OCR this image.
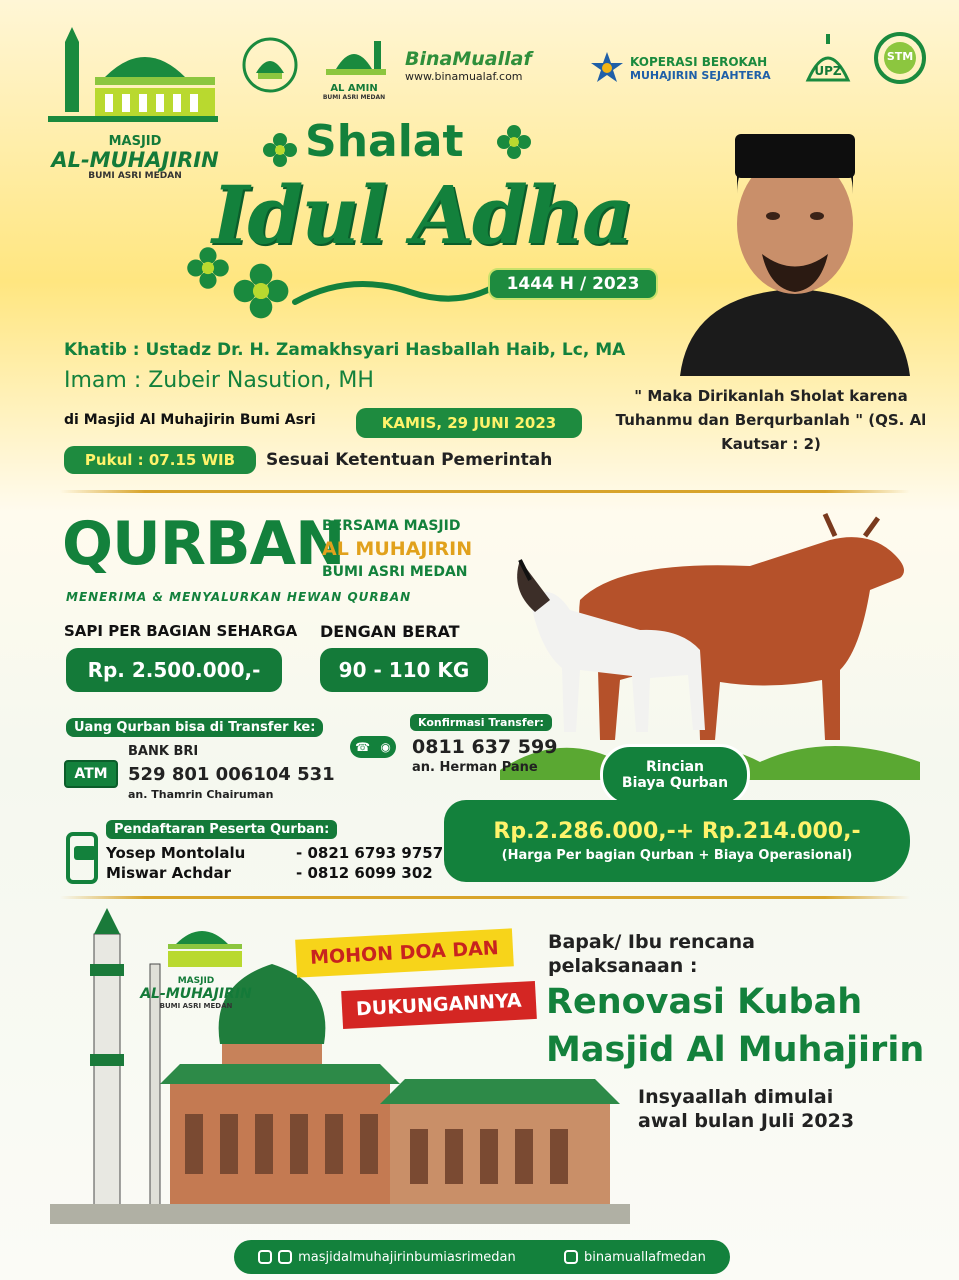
MASJID
AL-MUHAJIRIN
BUMI ASRI MEDAN
AL AMIN
BUMI ASRI MEDAN
BinaMuallaf
www.binamualaf.com
KOPERASI BEROKAH
MUHAJIRIN SEJAHTERA	UPZ
STM
Shalat
Idul Adha
1444 H / 2023
Khatib : Ustadz Dr. H. Zamakhsyari Hasballah Haib, Lc, MA
Imam : Zubeir Nasution, MH
di Masjid Al Muhajirin Bumi Asri	KAMIS, 29 JUNI 2023
Pukul : 07.15 WIB	Sesuai Ketentuan Pemerintah
" Maka Dirikanlah Sholat karena Tuhanmu dan Berqurbanlah " (QS. Al Kautsar : 2)
QURBAN
BERSAMA MASJID
AL MUHAJIRIN
BUMI ASRI MEDAN
MENERIMA & MENYALURKAN HEWAN QURBAN
SAPI PER BAGIAN SEHARGA
Rp. 2.500.000,-
DENGAN BERAT
90 - 110 KG
Uang Qurban bisa di Transfer ke:
ATM
BANK BRI
529 801 006104 531
an. Thamrin Chairuman
Konfirmasi Transfer:
☎ ◉ 0811 637 599
an. Herman Pane
Pendaftaran Peserta Qurban:
Yosep Montolalu	- 0821 6793 9757
Miswar Achdar	- 0812 6099 302
Rincian
Biaya Qurban
Rp.2.286.000,-+ Rp.214.000,-
(Harga Per bagian Qurban + Biaya Operasional)
MASJID
AL-MUHAJIRIN
BUMI ASRI MEDAN
MOHON DOA DAN
DUKUNGANNYA
Bapak/ Ibu rencana pelaksanaan :
Renovasi Kubah
Masjid Al Muhajirin
Insyaallah dimulai
awal bulan Juli 2023
masjidalmuhajirinbumiasrimedan	binamuallafmedan
